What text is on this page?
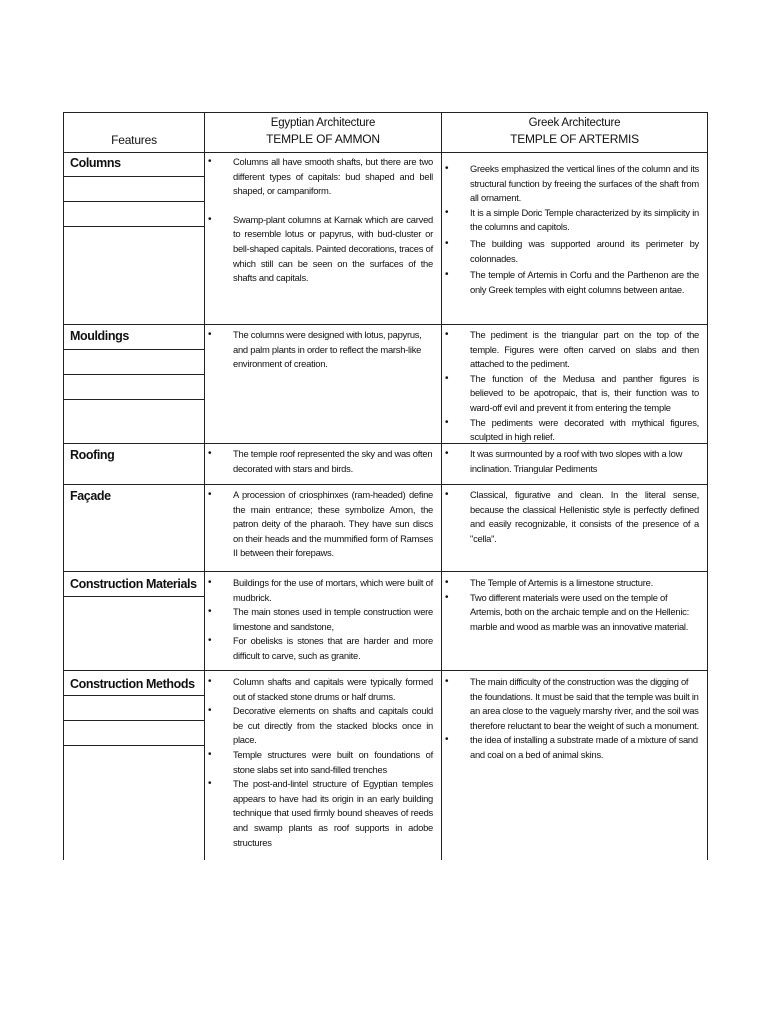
Features
Egyptian Architecture
TEMPLE OF AMMON
Greek Architecture
TEMPLE OF ARTERMIS
Columns
Mouldings
Roofing
Façade
Construction Materials
Construction Methods
• Columns all have smooth shafts, but there are two different types of capitals: bud shaped and bell shaped, or campaniform.
• Swamp-plant columns at Karnak which are carved to resemble lotus or papyrus, with bud-cluster or bell-shaped capitals. Painted decorations, traces of which still can be seen on the surfaces of the shafts and capitals.
• Greeks emphasized the vertical lines of the column and its structural function by freeing the surfaces of the shaft from all ornament.
• It is a simple Doric Temple characterized by its simplicity in the columns and capitols.
• The building was supported around its perimeter by colonnades.
• The temple of Artemis in Corfu and the Parthenon are the only Greek temples with eight columns between antae.
• The columns were designed with lotus, papyrus, and palm plants in order to reflect the marsh-like environment of creation.
• The pediment is the triangular part on the top of the temple. Figures were often carved on slabs and then attached to the pediment.
• The function of the Medusa and panther figures is believed to be apotropaic, that is, their function was to ward-off evil and prevent it from entering the temple
• The pediments were decorated with mythical figures, sculpted in high relief.
• The temple roof represented the sky and was often decorated with stars and birds.
• It was surmounted by a roof with two slopes with a low inclination. Triangular Pediments
• A procession of criosphinxes (ram-headed) define the main entrance; these symbolize Amon, the patron deity of the pharaoh. They have sun discs on their heads and the mummified form of Ramses II between their forepaws.
• Classical, figurative and clean. In the literal sense, because the classical Hellenistic style is perfectly defined and easily recognizable, it consists of the presence of a "cella".
• Buildings for the use of mortars, which were built of mudbrick.
• The main stones used in temple construction were limestone and sandstone,
• For obelisks is stones that are harder and more difficult to carve, such as granite.
• The Temple of Artemis is a limestone structure.
• Two different materials were used on the temple of Artemis, both on the archaic temple and on the Hellenic: marble and wood as marble was an innovative material.
• Column shafts and capitals were typically formed out of stacked stone drums or half drums.
• Decorative elements on shafts and capitals could be cut directly from the stacked blocks once in place.
• Temple structures were built on foundations of stone slabs set into sand-filled trenches
• The post-and-lintel structure of Egyptian temples appears to have had its origin in an early building technique that used firmly bound sheaves of reeds and swamp plants as roof supports in adobe structures
• The main difficulty of the construction was the digging of the foundations. It must be said that the temple was built in an area close to the vaguely marshy river, and the soil was therefore reluctant to bear the weight of such a monument.
• the idea of installing a substrate made of a mixture of sand and coal on a bed of animal skins.
